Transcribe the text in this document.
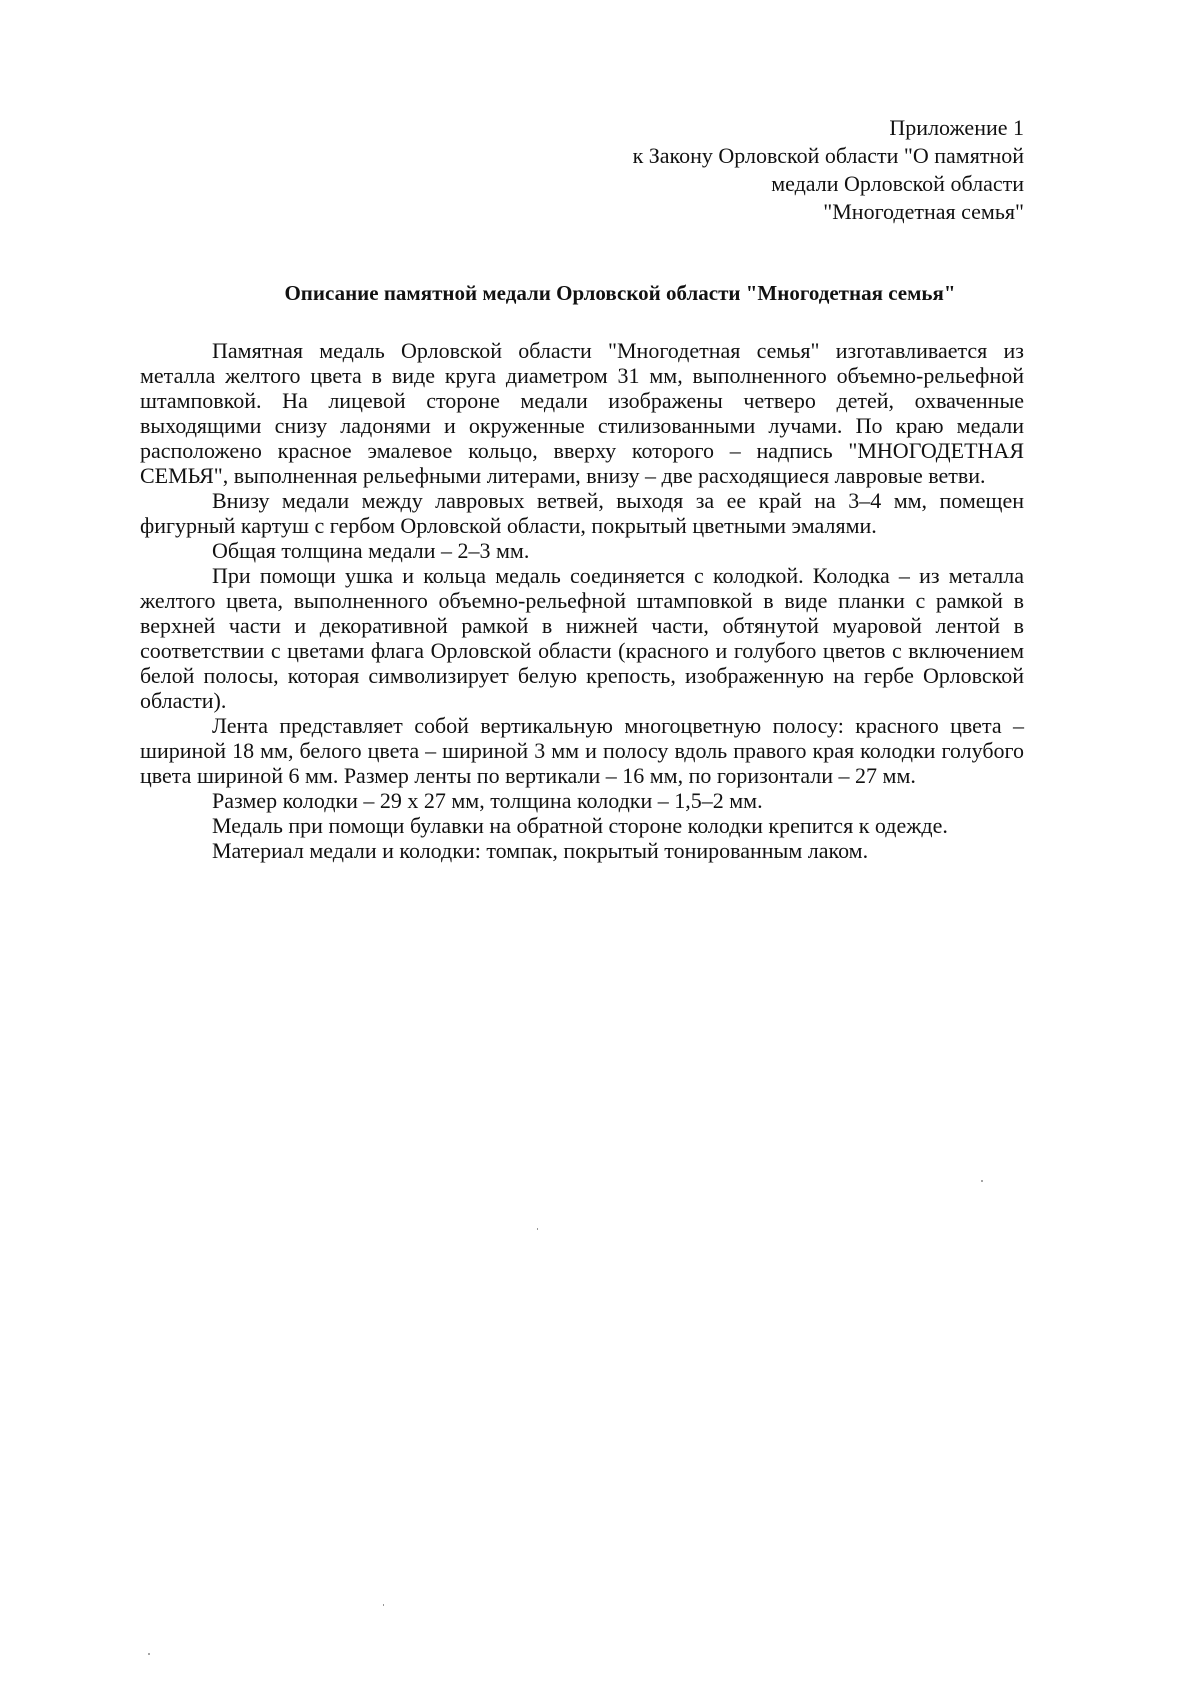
Приложение 1
к Закону Орловской области "О памятной
медали Орловской области
"Многодетная семья"
Описание памятной медали Орловской области "Многодетная семья"

Памятная медаль Орловской области "Многодетная семья" изготавливается из металла желтого цвета в виде круга диаметром 31 мм, выполненного объемно-рельефной штамповкой. На лицевой стороне медали изображены четверо детей, охваченные выходящими снизу ладонями и окруженные стилизованными лучами. По краю медали расположено красное эмалевое кольцо, вверху которого – надпись "МНОГОДЕТНАЯ СЕМЬЯ", выполненная рельефными литерами, внизу – две расходящиеся лавровые ветви.

Внизу медали между лавровых ветвей, выходя за ее край на 3–4 мм, помещен фигурный картуш с гербом Орловской области, покрытый цветными эмалями.

Общая толщина медали – 2–3 мм.

При помощи ушка и кольца медаль соединяется с колодкой. Колодка – из металла желтого цвета, выполненного объемно-рельефной штамповкой в виде планки с рамкой в верхней части и декоративной рамкой в нижней части, обтянутой муаровой лентой в соответствии с цветами флага Орловской области (красного и голубого цветов с включением белой полосы, которая символизирует белую крепость, изображенную на гербе Орловской области).

Лента представляет собой вертикальную многоцветную полосу: красного цвета – шириной 18 мм, белого цвета – шириной 3 мм и полосу вдоль правого края колодки голубого цвета шириной 6 мм. Размер ленты по вертикали – 16 мм, по горизонтали – 27 мм.

Размер колодки – 29 х 27 мм, толщина колодки – 1,5–2 мм.

Медаль при помощи булавки на обратной стороне колодки крепится к одежде.

Материал медали и колодки: томпак, покрытый тонированным лаком.
